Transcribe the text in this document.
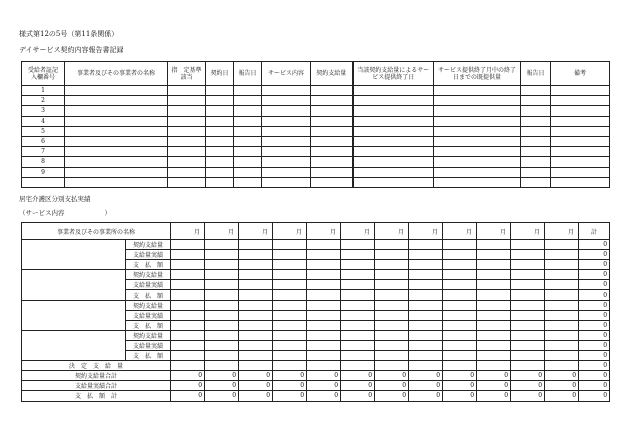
様式第12の5号（第11条関係）
デイサービス契約内容報告書記録
受給者証記入欄番号	事業者及びその事業者の名称	指　定基準該当	契約日	報告日	サービス内容	契約支給量	当該契約支給量によるサービス提供終了日	サービス提供終了月中の終了日までの既提供量	報告日	備考
1										
2										
3										
4										
5										
6										
7										
8										
9										

居宅介護区分別支払実績
（サービス内容	）
事業者及びその事業所の名称		月	月	月	月	月	月	月	月	月	月	月	月	計
	契約支給量													0
	支給量実績													0
	支　払　額													0
	契約支給量													0
	支給量実績													0
	支　払　額													0
	契約支給量													0
	支給量実績													0
	支　払　額													0
	契約支給量													0
	支給量実績													0
	支　払　額													0
決　定　支　給　量														0
契約支給量合計		0	0	0	0	0	0	0	0	0	0	0	0	0
支給量実績合計		0	0	0	0	0	0	0	0	0	0	0	0	0
支　払　額　計		0	0	0	0	0	0	0	0	0	0	0	0	0
